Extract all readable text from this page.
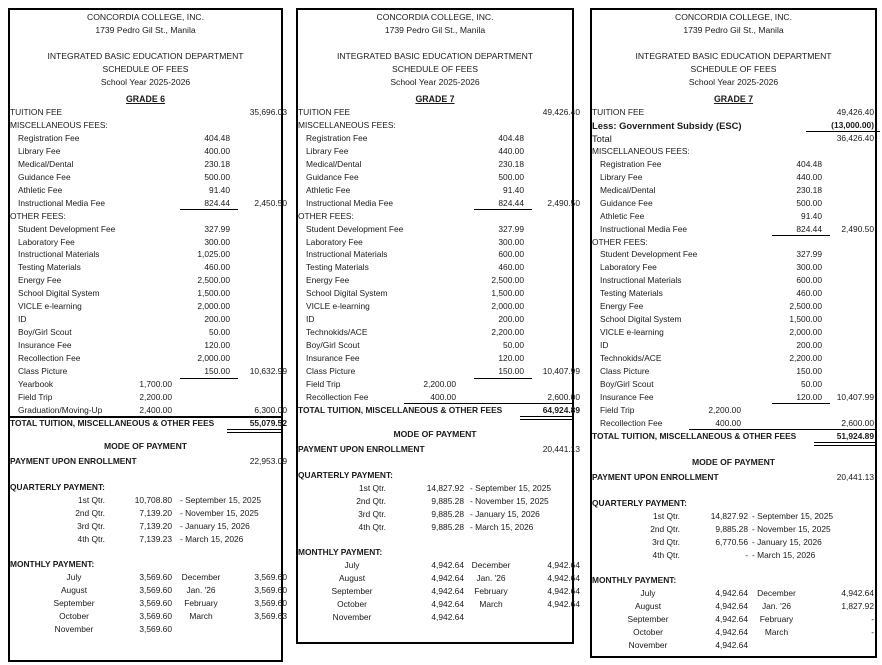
CONCORDIA COLLEGE, INC.
1739 Pedro Gil St., Manila
INTEGRATED BASIC EDUCATION DEPARTMENT
SCHEDULE OF FEES
School Year 2025-2026
GRADE 6
TUITION FEE	35,696.03
MISCELLANEOUS FEES:
Registration Fee	404.48
Library Fee	400.00
Medical/Dental	230.18
Guidance Fee	500.00
Athletic Fee	91.40
Instructional Media Fee	824.44	2,450.50
OTHER FEES:
Student Development Fee	327.99
Laboratory Fee	300.00
Instructional Materials	1,025.00
Testing Materials	460.00
Energy Fee	2,500.00
School Digital System	1,500.00
VICLE e-learning	2,000.00
ID	200.00
Boy/Girl Scout	50.00
Insurance Fee	120.00
Recollection Fee	2,000.00
Class Picture	150.00 10,632.99
Yearbook	1,700.00
Field Trip	2,200.00
Graduation/Moving-Up	2,400.00	6,300.00
TOTAL TUITION, MISCELLANEOUS & OTHER FEES	55,079.52
MODE OF PAYMENT
PAYMENT UPON ENROLLMENT	22,953.09
QUARTERLY PAYMENT:
1st Qtr.	10,708.80 - September 15, 2025
2nd Qtr.	7,139.20 - November 15, 2025
3rd Qtr.	7,139.20 - January 15, 2026
4th Qtr.	7,139.23 - March 15, 2026
MONTHLY PAYMENT:
July	3,569.60 December	3,569.60
August	3,569.60	Jan. '26	3,569.60
September	3,569.60	February	3,569.60
October	3,569.60	March	3,569.63
November	3,569.60
CONCORDIA COLLEGE, INC.
1739 Pedro Gil St., Manila
INTEGRATED BASIC EDUCATION DEPARTMENT
SCHEDULE OF FEES
School Year 2025-2026
GRADE 7
TUITION FEE	49,426.40
MISCELLANEOUS FEES:
Registration Fee	404.48
Library Fee	440.00
Medical/Dental	230.18
Guidance Fee	500.00
Athletic Fee	91.40
Instructional Media Fee	824.44	2,490.50
OTHER FEES:
Student Development Fee	327.99
Laboratory Fee	300.00
Instructional Materials	600.00
Testing Materials	460.00
Energy Fee	2,500.00
School Digital System	1,500.00
VICLE e-learning	2,000.00
ID	200.00
Technokids/ACE	2,200.00
Boy/Girl Scout	50.00
Insurance Fee	120.00
Class Picture	150.00 10,407.99
Field Trip	2,200.00
Recollection Fee	400.00	2,600.00
TOTAL TUITION, MISCELLANEOUS & OTHER FEES	64,924.89
MODE OF PAYMENT
PAYMENT UPON ENROLLMENT	20,441.13
QUARTERLY PAYMENT:
1st Qtr.	14,827.92 - September 15, 2025
2nd Qtr.	9,885.28 - November 15, 2025
3rd Qtr.	9,885.28 - January 15, 2026
4th Qtr.	9,885.28 - March 15, 2026
MONTHLY PAYMENT:
July	4,942.64 December	4,942.64
August	4,942.64	Jan. '26	4,942.64
September	4,942.64	February	4,942.64
October	4,942.64	March	4,942.64
November	4,942.64
CONCORDIA COLLEGE, INC.
1739 Pedro Gil St., Manila
INTEGRATED BASIC EDUCATION DEPARTMENT
SCHEDULE OF FEES
School Year 2025-2026
GRADE 7
TUITION FEE	49,426.40
Less: Government Subsidy (ESC)	(13,000.00)
Total	36,426.40
MISCELLANEOUS FEES:
Registration Fee	404.48
Library Fee	440.00
Medical/Dental	230.18
Guidance Fee	500.00
Athletic Fee	91.40
Instructional Media Fee	824.44 2,490.50
OTHER FEES:
Student Development Fee	327.99
Laboratory Fee	300.00
Instructional Materials	600.00
Testing Materials	460.00
Energy Fee	2,500.00
School Digital System	1,500.00
VICLE e-learning	2,000.00
ID	200.00
Technokids/ACE	2,200.00
Class Picture	150.00
Boy/Girl Scout	50.00
Insurance Fee	120.00 10,407.99
Field Trip	2,200.00
Recollection Fee	400.00	2,600.00
TOTAL TUITION, MISCELLANEOUS & OTHER FEES	51,924.89
MODE OF PAYMENT
PAYMENT UPON ENROLLMENT	20,441.13
QUARTERLY PAYMENT:
1st Qtr.	14,827.92 - September 15, 2025
2nd Qtr.	9,885.28 - November 15, 2025
3rd Qtr.	6,770.56 - January 15, 2026
4th Qtr.	- - March 15, 2026
MONTHLY PAYMENT:
July	4,942.64	December	4,942.64
August	4,942.64	Jan. '26	1,827.92
September	4,942.64	February	-
October	4,942.64	March	-
November	4,942.64
